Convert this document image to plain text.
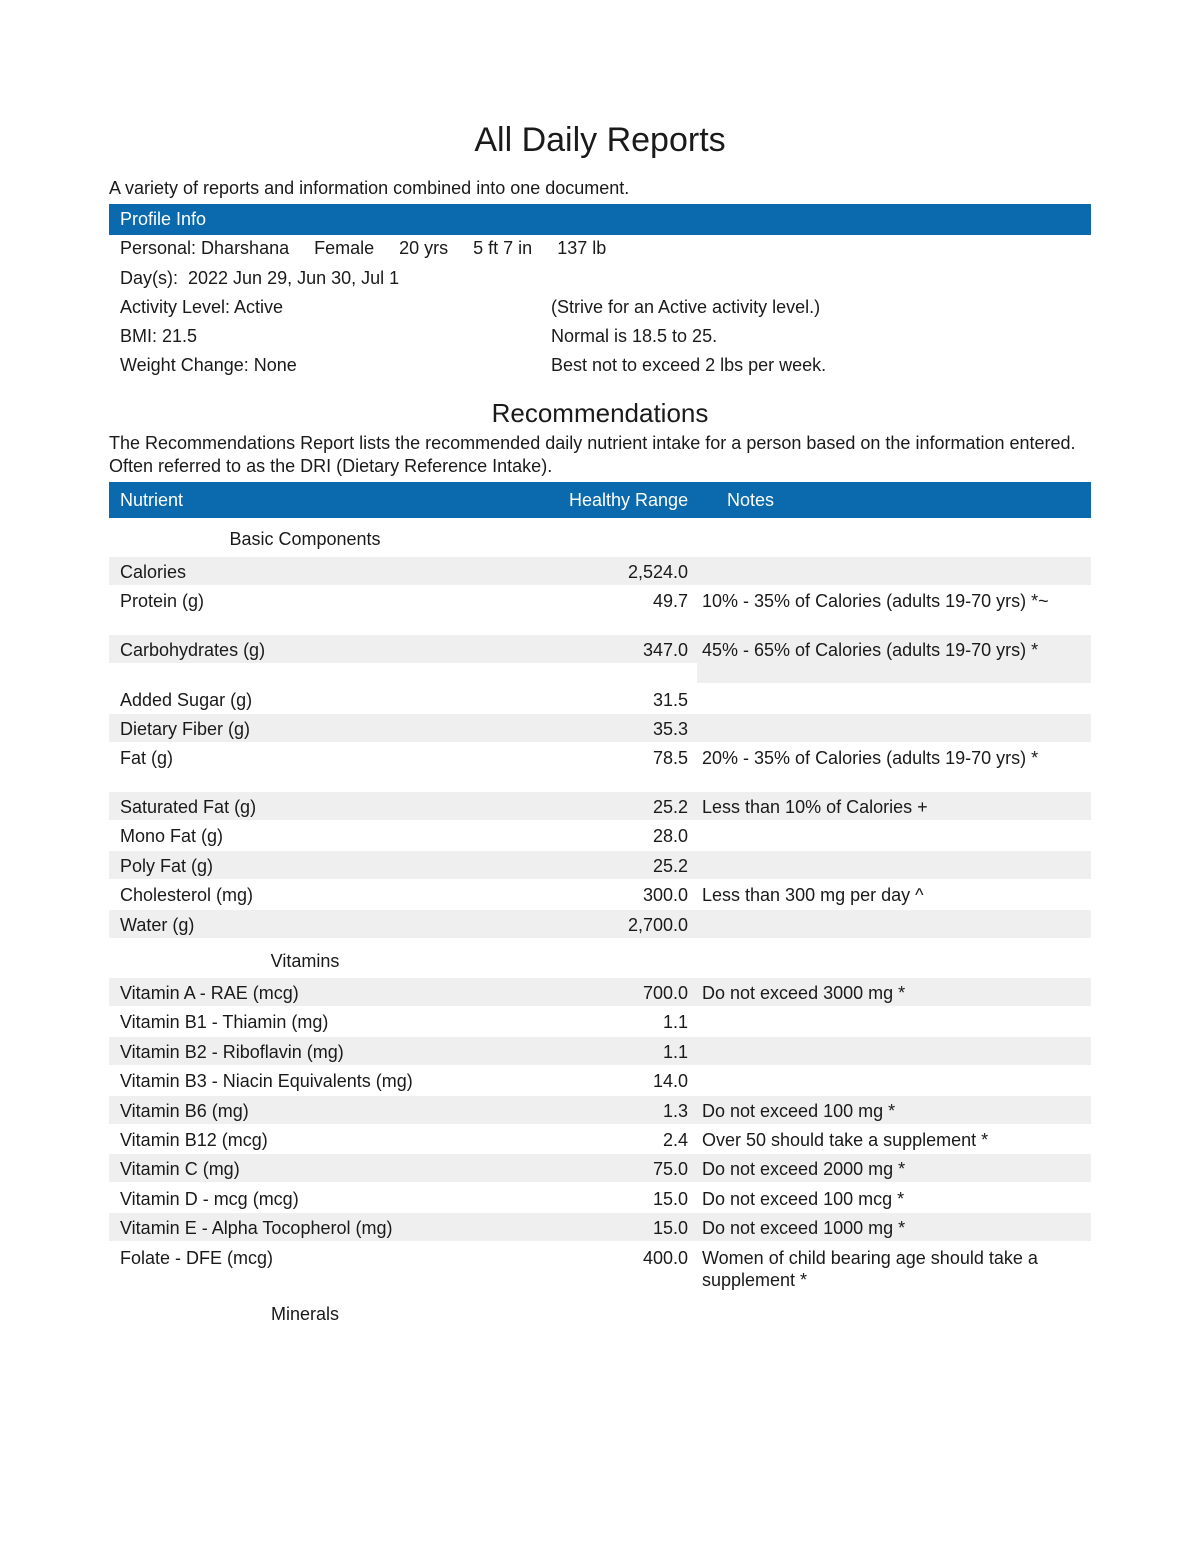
All Daily Reports
A variety of reports and information combined into one document.
Profile Info
Personal: Dharshana     Female     20 yrs     5 ft 7 in     137 lb
Day(s):  2022 Jun 29, Jun 30, Jul 1
Activity Level: Active	(Strive for an Active activity level.)
BMI: 21.5	Normal is 18.5 to 25.
Weight Change: None	Best not to exceed 2 lbs per week.
Recommendations
The Recommendations Report lists the recommended daily nutrient intake for a person based on the information entered. Often referred to as the DRI (Dietary Reference Intake).
Nutrient	Healthy Range Notes
Basic Components
Calories	2,524.0
Protein (g)	49.7 10% - 35% of Calories (adults 19-70 yrs) *~
Carbohydrates (g)	347.0 45% - 65% of Calories (adults 19-70 yrs) *
Added Sugar (g)	31.5
Dietary Fiber (g)	35.3
Fat (g)	78.5 20% - 35% of Calories (adults 19-70 yrs) *
Saturated Fat (g)	25.2 Less than 10% of Calories +
Mono Fat (g)	28.0
Poly Fat (g)	25.2
Cholesterol (mg)	300.0 Less than 300 mg per day ^
Water (g)	2,700.0
Vitamins
Vitamin A - RAE (mcg)	700.0 Do not exceed 3000 mg *
Vitamin B1 - Thiamin (mg)	1.1
Vitamin B2 - Riboflavin (mg)	1.1
Vitamin B3 - Niacin Equivalents (mg)	14.0
Vitamin B6 (mg)	1.3 Do not exceed 100 mg *
Vitamin B12 (mcg)	2.4 Over 50 should take a supplement *
Vitamin C (mg)	75.0 Do not exceed 2000 mg *
Vitamin D - mcg (mcg)	15.0 Do not exceed 100 mcg *
Vitamin E - Alpha Tocopherol (mg)	15.0 Do not exceed 1000 mg *
Folate - DFE (mcg)	400.0 Women of child bearing age should take a supplement *
Minerals
